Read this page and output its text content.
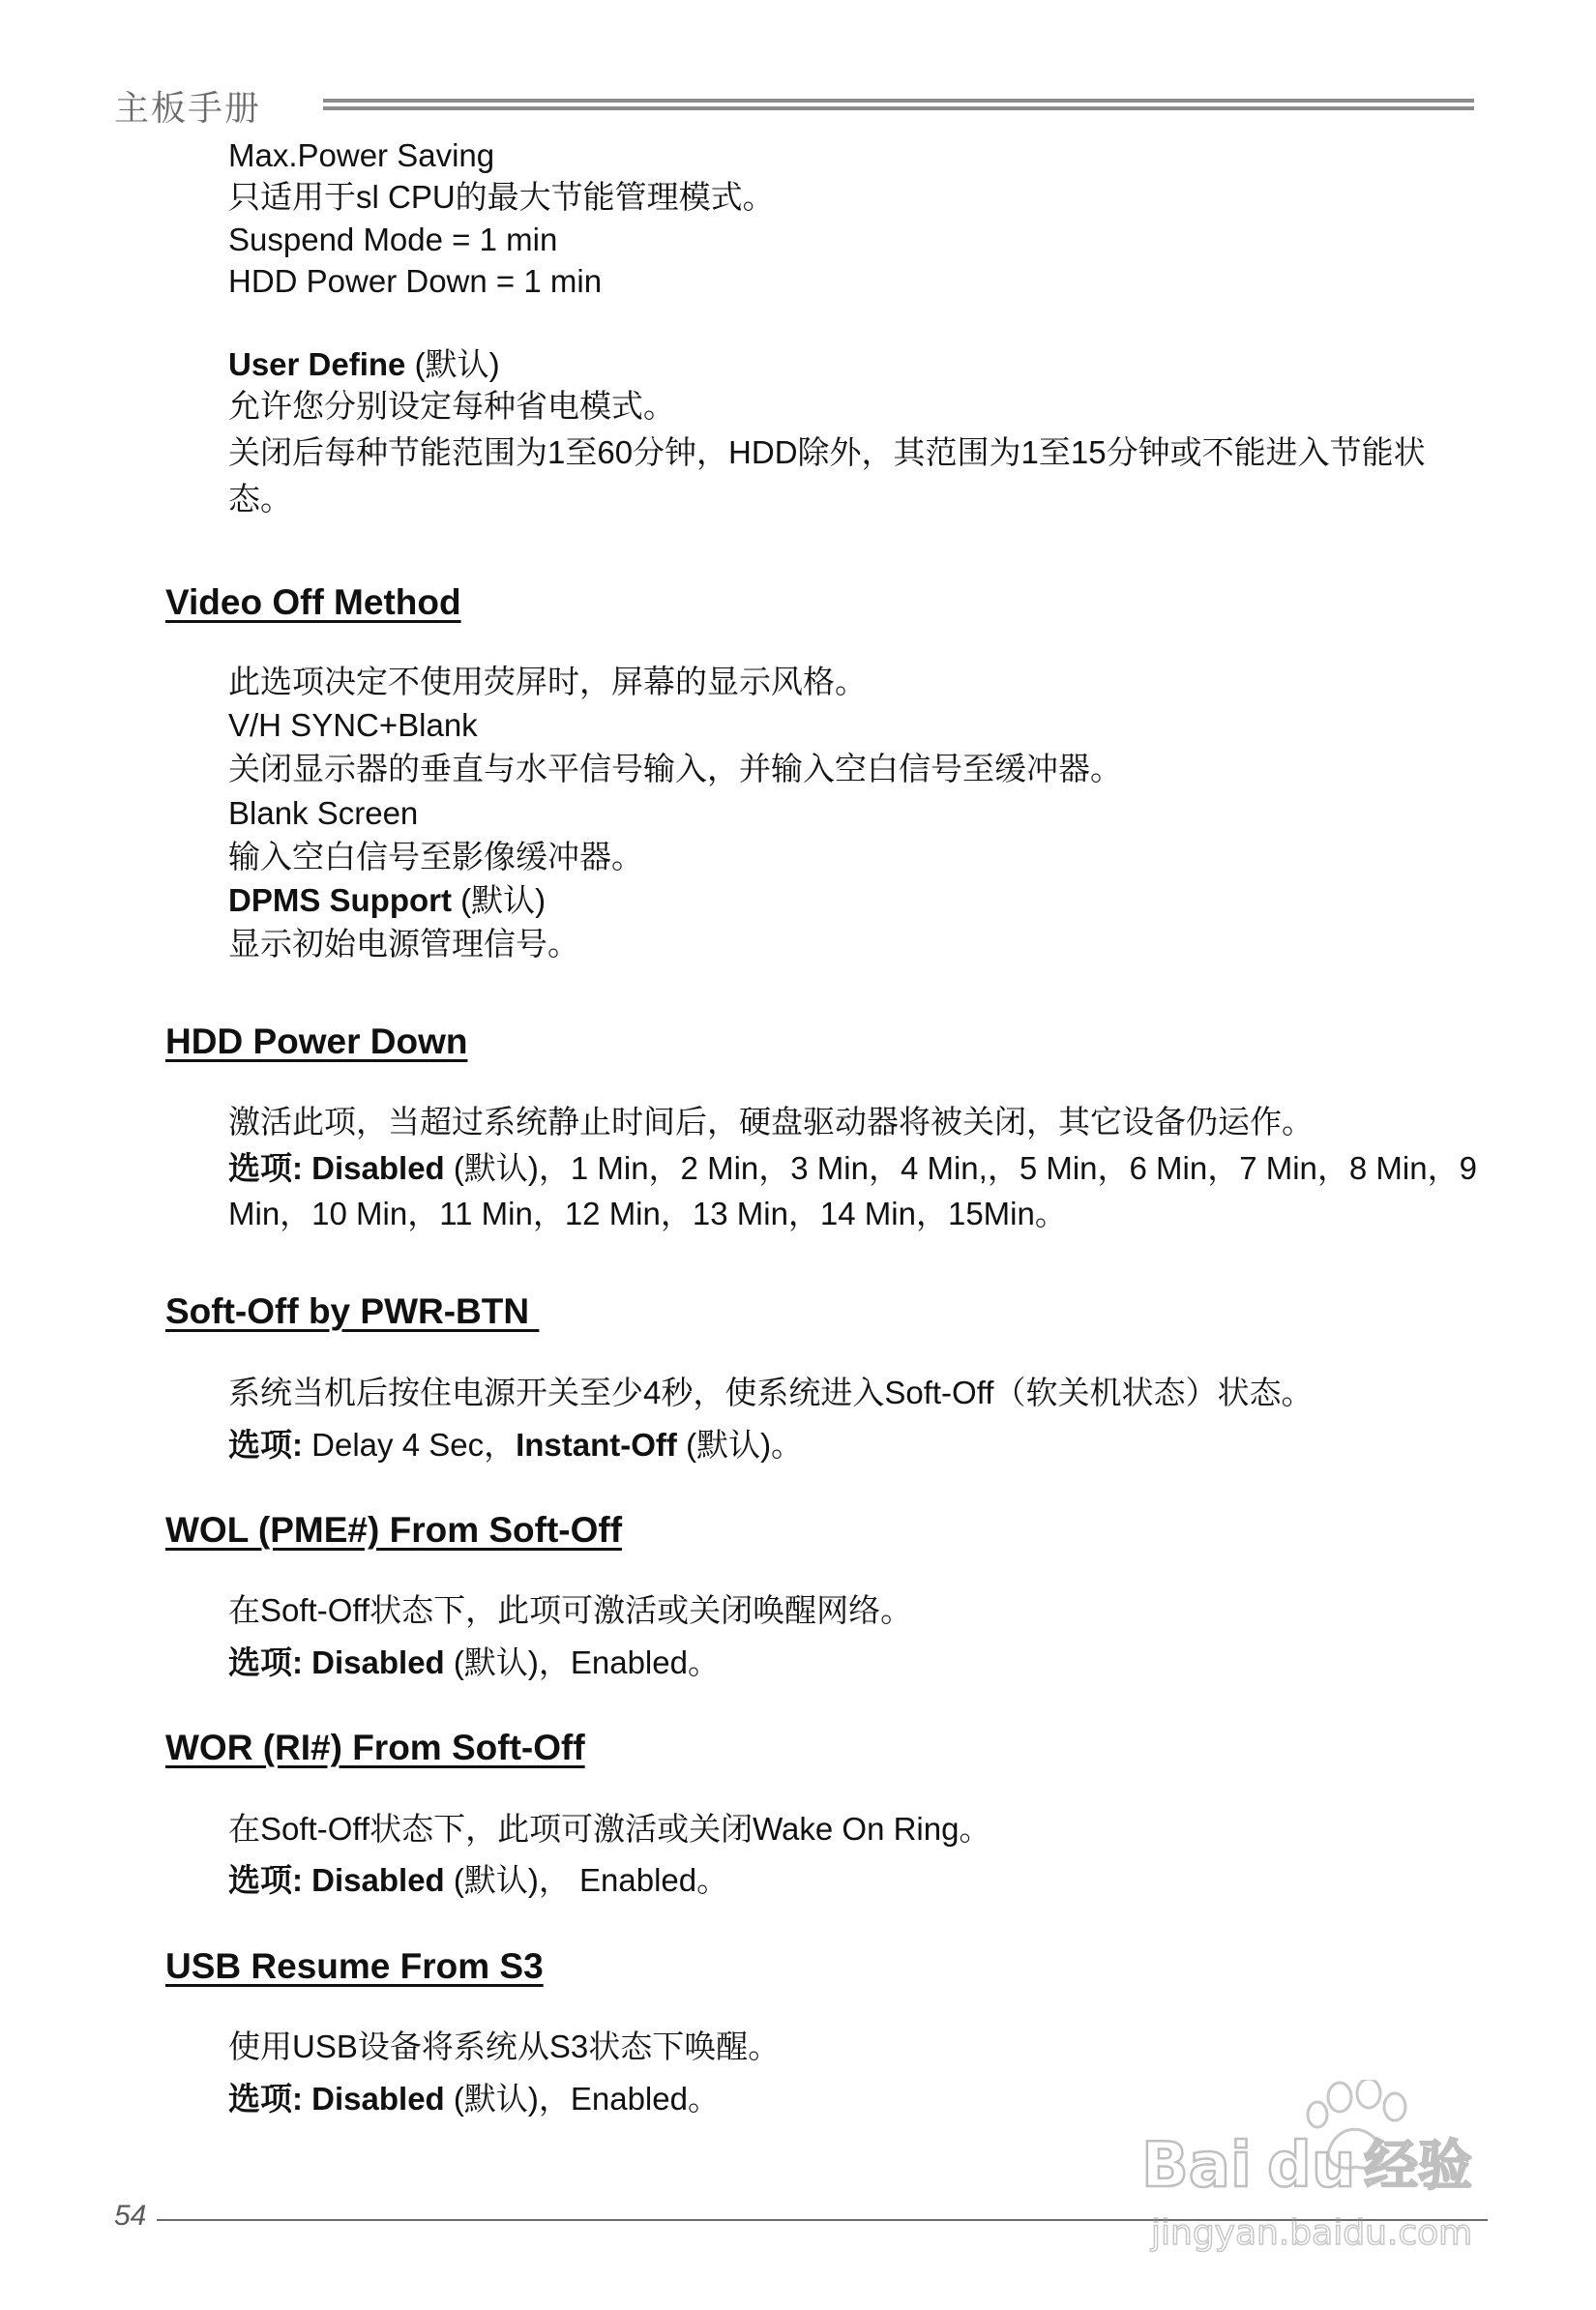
主板手册
Max.Power Saving
只适用于sl CPU的最大节能管理模式。
Suspend Mode = 1 min
HDD Power Down = 1 min
User Define (默认)
允许您分别设定每种省电模式。
关闭后每种节能范围为1至60分钟，HDD除外，其范围为1至15分钟或不能进入节能状态。
Video Off Method
此选项决定不使用荧屏时，屏幕的显示风格。
V/H SYNC+Blank
关闭显示器的垂直与水平信号输入，并输入空白信号至缓冲器。
Blank Screen
输入空白信号至影像缓冲器。
DPMS Support (默认)
显示初始电源管理信号。
HDD Power Down
激活此项，当超过系统静止时间后，硬盘驱动器将被关闭，其它设备仍运作。
选项: Disabled (默认)，1 Min，2 Min，3 Min，4 Min,，5 Min，6 Min，7 Min，8 Min，9 Min，10 Min，11 Min，12 Min，13 Min，14 Min，15Min。
Soft-Off by PWR-BTN
系统当机后按住电源开关至少4秒，使系统进入Soft-Off（软关机状态）状态。
选项: Delay 4 Sec，Instant-Off (默认)。
WOL (PME#) From Soft-Off
在Soft-Off状态下，此项可激活或关闭唤醒网络。
选项: Disabled (默认)，Enabled。
WOR (RI#) From Soft-Off
在Soft-Off状态下，此项可激活或关闭Wake On Ring。
选项: Disabled (默认)， Enabled。
USB Resume From S3
使用USB设备将系统从S3状态下唤醒。
选项: Disabled (默认)，Enabled。
54
Bai du 经验
jingyan.baidu.com
